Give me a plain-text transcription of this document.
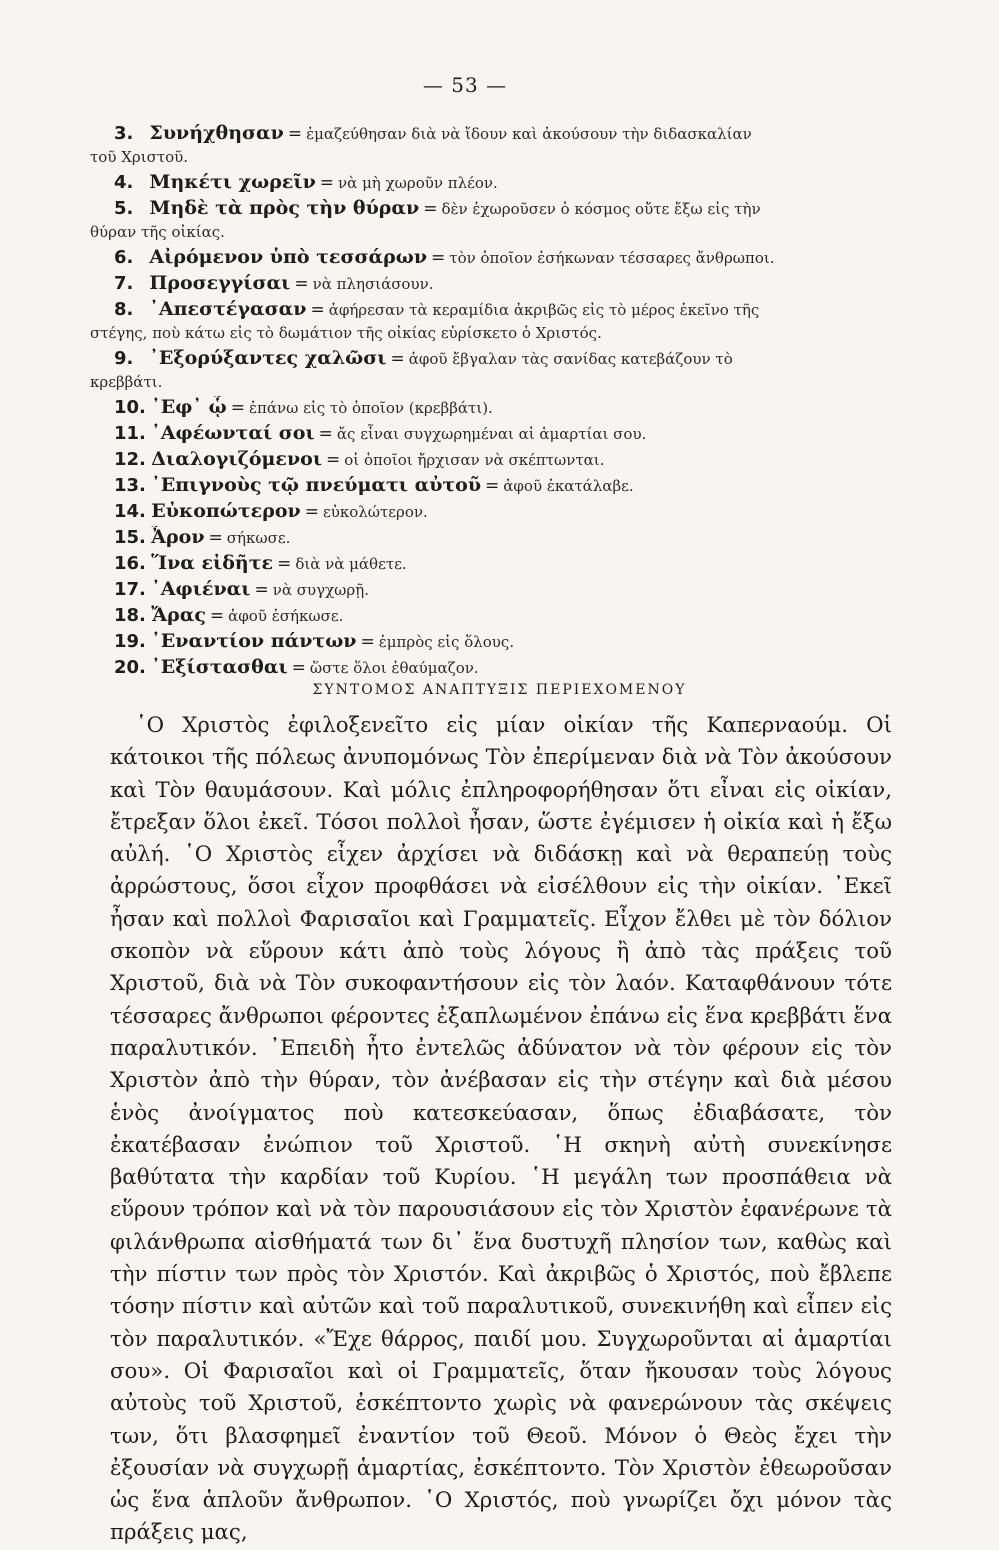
— 53 —
3. Συνήχθησαν = ἐμαζεύθησαν διὰ νὰ ἴδουν καὶ ἀκούσουν τὴν διδασκαλίαν
τοῦ Χριστοῦ.
4. Μηκέτι χωρεῖν = νὰ μὴ χωροῦν πλέον.
5. Μηδὲ τὰ πρὸς τὴν θύραν = δὲν ἐχωροῦσεν ὁ κόσμος οὔτε ἔξω εἰς τὴν
θύραν τῆς οἰκίας.
6. Αἰρόμενον ὑπὸ τεσσάρων = τὸν ὁποῖον ἐσήκωναν τέσσαρες ἄνθρωποι.
7. Προσεγγίσαι = νὰ πλησιάσουν.
8. ᾿Απεστέγασαν = ἀφήρεσαν τὰ κεραμίδια ἀκριβῶς εἰς τὸ μέρος ἐκεῖνο τῆς
στέγης, ποὺ κάτω εἰς τὸ δωμάτιον τῆς οἰκίας εὑρίσκετο ὁ Χριστός.
9. ᾿Εξορύξαντες χαλῶσι = ἀφοῦ ἔβγαλαν τὰς σανίδας κατεβάζουν τὸ
κρεββάτι.
10. ᾿Εφ᾿ ᾧ = ἐπάνω εἰς τὸ ὁποῖον (κρεββάτι).
11. ᾿Αφέωνταί σοι = ἄς εἶναι συγχωρημέναι αἱ ἁμαρτίαι σου.
12. Διαλογιζόμενοι = οἱ ὁποῖοι ἤρχισαν νὰ σκέπτωνται.
13. ᾿Επιγνοὺς τῷ πνεύματι αὐτοῦ = ἀφοῦ ἐκατάλαβε.
14. Εὐκοπώτερον = εὐκολώτερον.
15. Ἆρον = σήκωσε.
16. Ἵνα εἰδῆτε = διὰ νὰ μάθετε.
17. ᾿Αφιέναι = νὰ συγχωρῇ.
18. Ἄρας = ἀφοῦ ἐσήκωσε.
19. ᾿Εναντίον πάντων = ἐμπρὸς εἰς ὅλους.
20. ᾿Εξίστασθαι = ὥστε ὅλοι ἐθαύμαζον.
ΣΥΝΤΟΜΟΣ ΑΝΑΠΤΥΞΙΣ ΠΕΡΙΕΧΟΜΕΝΟΥ
῾Ο Χριστὸς ἐφιλοξενεῖτο εἰς μίαν οἰκίαν τῆς Καπερναούμ. Οἱ κάτοικοι τῆς πόλεως ἀνυπομόνως Τὸν ἐπερίμεναν διὰ νὰ Τὸν ἀκούσουν καὶ Τὸν θαυμάσουν. Καὶ μόλις ἐπληροφορήθησαν ὅτι εἶναι εἰς οἰκίαν, ἔτρεξαν ὅλοι ἐκεῖ. Τόσοι πολλοὶ ἦσαν, ὥστε ἐγέμισεν ἡ οἰκία καὶ ἡ ἔξω αὐλή. ῾Ο Χριστὸς εἶχεν ἀρχίσει νὰ διδάσκῃ καὶ νὰ θεραπεύῃ τοὺς ἀρρώστους, ὅσοι εἶχον προφθάσει νὰ εἰσέλθουν εἰς τὴν οἰκίαν. ᾿Εκεῖ ἦσαν καὶ πολλοὶ Φαρισαῖοι καὶ Γραμματεῖς. Εἶχον ἔλθει μὲ τὸν δόλιον σκοπὸν νὰ εὕρουν κάτι ἀπὸ τοὺς λόγους ἢ ἀπὸ τὰς πράξεις τοῦ Χριστοῦ, διὰ νὰ Τὸν συκοφαντήσουν εἰς τὸν λαόν. Καταφθάνουν τότε τέσσαρες ἄνθρωποι φέροντες ἐξαπλωμένον ἐπάνω εἰς ἕνα κρεββάτι ἕνα παραλυτικόν. ᾿Επειδὴ ἦτο ἐντελῶς ἀδύνατον νὰ τὸν φέρουν εἰς τὸν Χριστὸν ἀπὸ τὴν θύραν, τὸν ἀνέβασαν εἰς τὴν στέγην καὶ διὰ μέσου ἑνὸς ἀνοίγματος ποὺ κατεσκεύασαν, ὅπως ἐδιαβάσατε, τὸν ἐκατέβασαν ἐνώπιον τοῦ Χριστοῦ. ῾Η σκηνὴ αὐτὴ συνεκίνησε βαθύτατα τὴν καρδίαν τοῦ Κυρίου. ῾Η μεγάλη των προσπάθεια νὰ εὕρουν τρόπον καὶ νὰ τὸν παρουσιάσουν εἰς τὸν Χριστὸν ἐφανέρωνε τὰ φιλάνθρωπα αἰσθήματά των δι᾿ ἕνα δυστυχῆ πλησίον των, καθὼς καὶ τὴν πίστιν των πρὸς τὸν Χριστόν. Καὶ ἀκριβῶς ὁ Χριστός, ποὺ ἔβλεπε τόσην πίστιν καὶ αὐτῶν καὶ τοῦ παραλυτικοῦ, συνεκινήθη καὶ εἶπεν εἰς τὸν παραλυτικόν. «Ἔχε θάρρος, παιδί μου. Συγχωροῦνται αἱ ἁμαρτίαι σου». Οἱ Φαρισαῖοι καὶ οἱ Γραμματεῖς, ὅταν ἤκουσαν τοὺς λόγους αὐτοὺς τοῦ Χριστοῦ, ἐσκέπτοντο χωρὶς νὰ φανερώνουν τὰς σκέψεις των, ὅτι βλασφημεῖ ἐναντίον τοῦ Θεοῦ. Μόνον ὁ Θεὸς ἔχει τὴν ἐξουσίαν νὰ συγχωρῇ ἁμαρτίας, ἐσκέπτοντο. Τὸν Χριστὸν ἐθεωροῦσαν ὡς ἕνα ἁπλοῦν ἄνθρωπον. ῾Ο Χριστός, ποὺ γνωρίζει ὄχι μόνον τὰς πράξεις μας,
